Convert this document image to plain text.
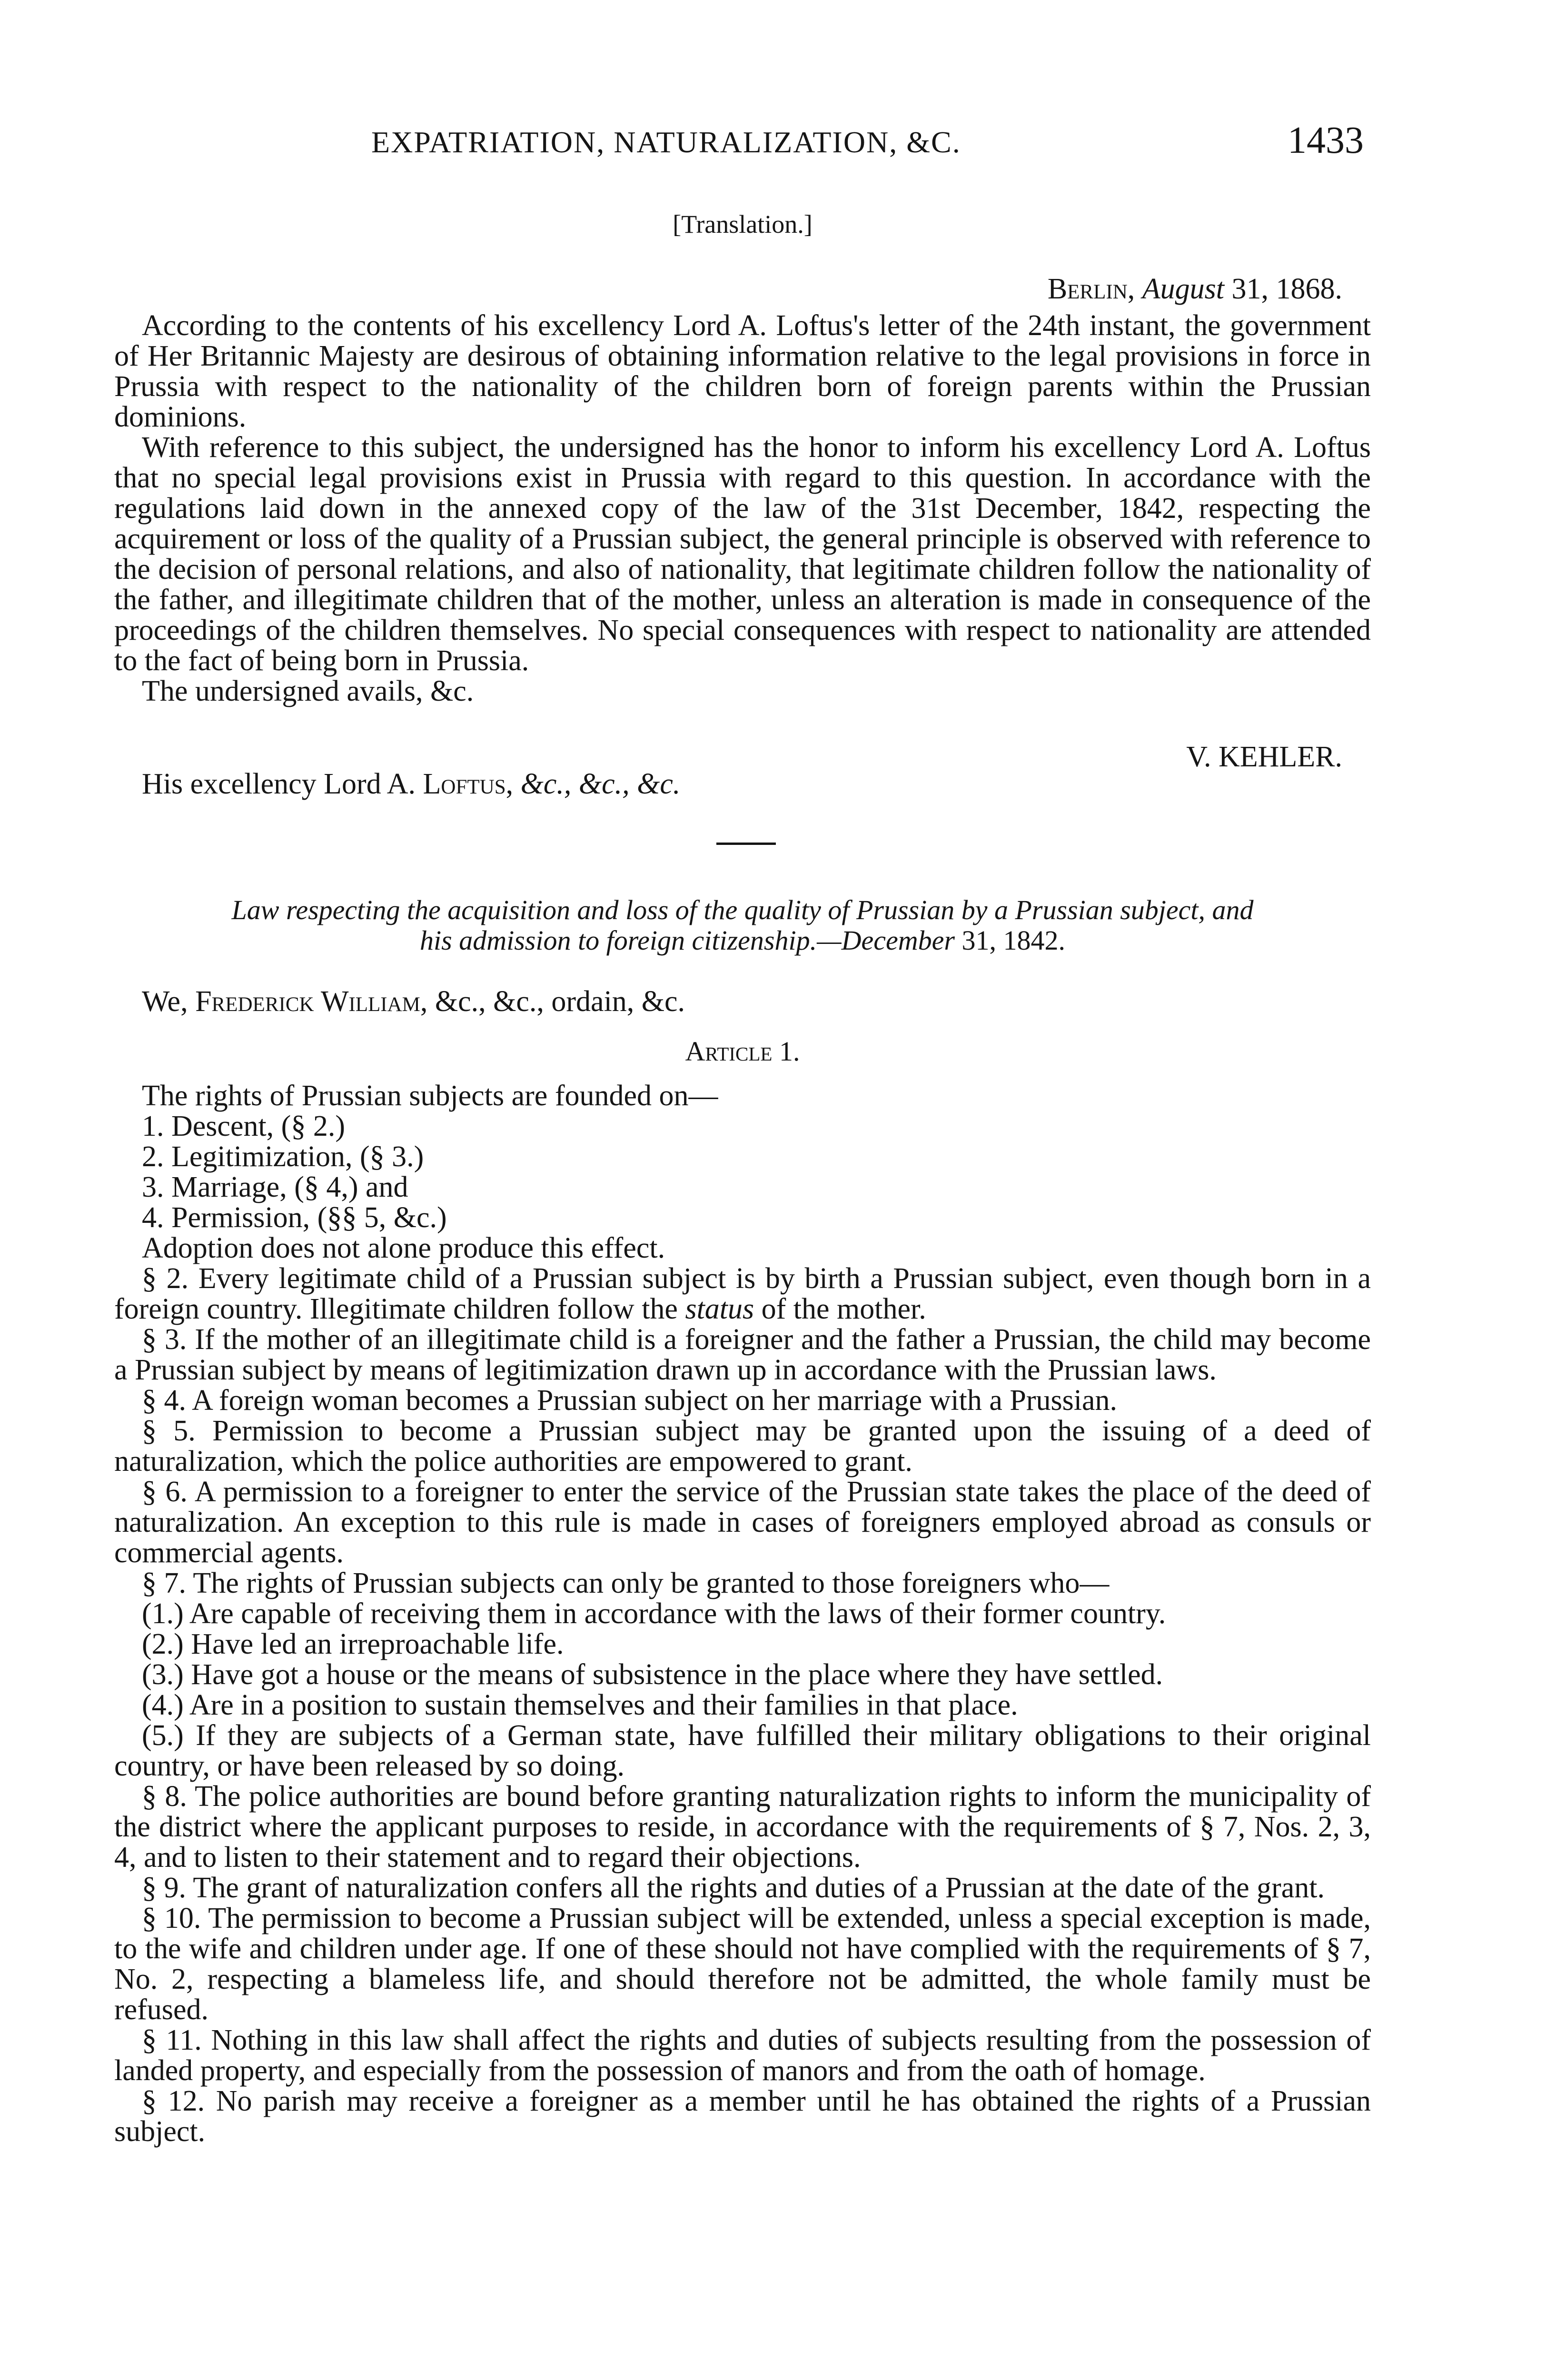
EXPATRIATION, NATURALIZATION, &C.	1433
[Translation.]
Berlin, August 31, 1868.

According to the contents of his excellency Lord A. Loftus's letter of the 24th instant, the government of Her Britannic Majesty are desirous of obtaining information relative to the legal provisions in force in Prussia with respect to the nationality of the children born of foreign parents within the Prussian dominions.

With reference to this subject, the undersigned has the honor to inform his excellency Lord A. Loftus that no special legal provisions exist in Prussia with regard to this question. In accordance with the regulations laid down in the annexed copy of the law of the 31st December, 1842, respecting the acquirement or loss of the quality of a Prussian subject, the general principle is observed with reference to the decision of personal relations, and also of nationality, that legitimate children follow the nationality of the father, and illegitimate children that of the mother, unless an alteration is made in consequence of the proceedings of the children themselves. No special consequences with respect to nationality are attended to the fact of being born in Prussia.

The undersigned avails, &c.

V. KEHLER.
His excellency Lord A. Loftus, &c., &c., &c.
Law respecting the acquisition and loss of the quality of Prussian by a Prussian subject, and
his admission to foreign citizenship.—December 31, 1842.
We, Frederick William, &c., &c., ordain, &c.
Article 1.

The rights of Prussian subjects are founded on—

1. Descent, (§ 2.)

2. Legitimization, (§ 3.)

3. Marriage, (§ 4,) and

4. Permission, (§§ 5, &c.)

Adoption does not alone produce this effect.

§ 2. Every legitimate child of a Prussian subject is by birth a Prussian subject, even though born in a foreign country. Illegitimate children follow the status of the mother.

§ 3. If the mother of an illegitimate child is a foreigner and the father a Prussian, the child may become a Prussian subject by means of legitimization drawn up in accordance with the Prussian laws.

§ 4. A foreign woman becomes a Prussian subject on her marriage with a Prussian.

§ 5. Permission to become a Prussian subject may be granted upon the issuing of a deed of naturalization, which the police authorities are empowered to grant.

§ 6. A permission to a foreigner to enter the service of the Prussian state takes the place of the deed of naturalization. An exception to this rule is made in cases of foreigners employed abroad as consuls or commercial agents.

§ 7. The rights of Prussian subjects can only be granted to those foreigners who—

(1.) Are capable of receiving them in accordance with the laws of their former country.

(2.) Have led an irreproachable life.

(3.) Have got a house or the means of subsistence in the place where they have settled.

(4.) Are in a position to sustain themselves and their families in that place.

(5.) If they are subjects of a German state, have fulfilled their military obligations to their original country, or have been released by so doing.

§ 8. The police authorities are bound before granting naturalization rights to inform the municipality of the district where the applicant purposes to reside, in accordance with the requirements of § 7, Nos. 2, 3, 4, and to listen to their statement and to regard their objections.

§ 9. The grant of naturalization confers all the rights and duties of a Prussian at the date of the grant.

§ 10. The permission to become a Prussian subject will be extended, unless a special exception is made, to the wife and children under age. If one of these should not have complied with the requirements of § 7, No. 2, respecting a blameless life, and should therefore not be admitted, the whole family must be refused.

§ 11. Nothing in this law shall affect the rights and duties of subjects resulting from the possession of landed property, and especially from the possession of manors and from the oath of homage.

§ 12. No parish may receive a foreigner as a member until he has obtained the rights of a Prussian subject.
